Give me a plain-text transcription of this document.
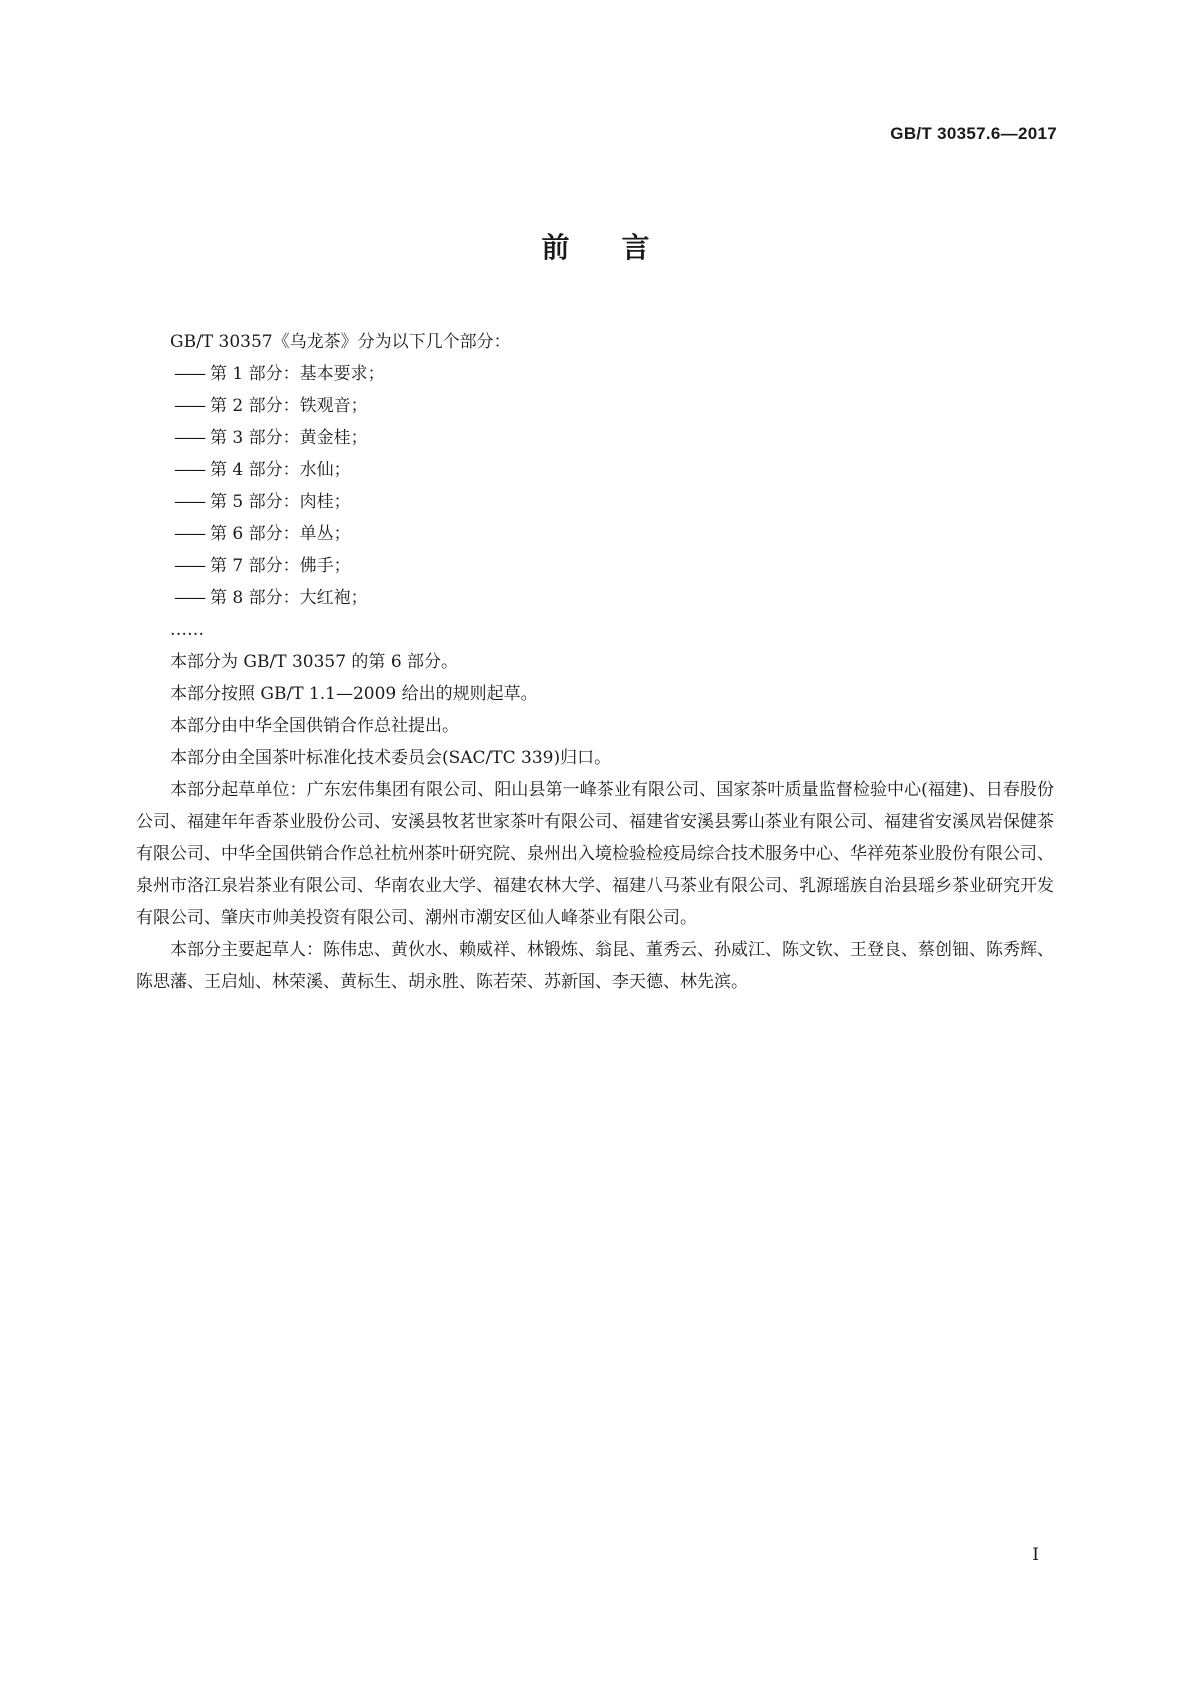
GB/T 30357.6—2017
前 言

GB/T 30357《乌龙茶》分为以下几个部分：

—— 第 1 部分：基本要求；
—— 第 2 部分：铁观音；
—— 第 3 部分：黄金桂；
—— 第 4 部分：水仙；
—— 第 5 部分：肉桂；
—— 第 6 部分：单丛；
—— 第 7 部分：佛手；
—— 第 8 部分：大红袍；

……

本部分为 GB/T 30357 的第 6 部分。

本部分按照 GB/T 1.1—2009 给出的规则起草。

本部分由中华全国供销合作总社提出。

本部分由全国茶叶标准化技术委员会(SAC/TC 339)归口。

本部分起草单位：广东宏伟集团有限公司、阳山县第一峰茶业有限公司、国家茶叶质量监督检验中心(福建)、日春股份公司、福建年年香茶业股份公司、安溪县牧茗世家茶叶有限公司、福建省安溪县雾山茶业有限公司、福建省安溪凤岩保健茶有限公司、中华全国供销合作总社杭州茶叶研究院、泉州出入境检验检疫局综合技术服务中心、华祥苑茶业股份有限公司、泉州市洛江泉岩茶业有限公司、华南农业大学、福建农林大学、福建八马茶业有限公司、乳源瑶族自治县瑶乡茶业研究开发有限公司、肇庆市帅美投资有限公司、潮州市潮安区仙人峰茶业有限公司。

本部分主要起草人：陈伟忠、黄伙水、赖威祥、林锻炼、翁昆、董秀云、孙威江、陈文钦、王登良、蔡创钿、陈秀辉、陈思藩、王启灿、林荣溪、黄标生、胡永胜、陈若荣、苏新国、李天德、林先滨。

I
